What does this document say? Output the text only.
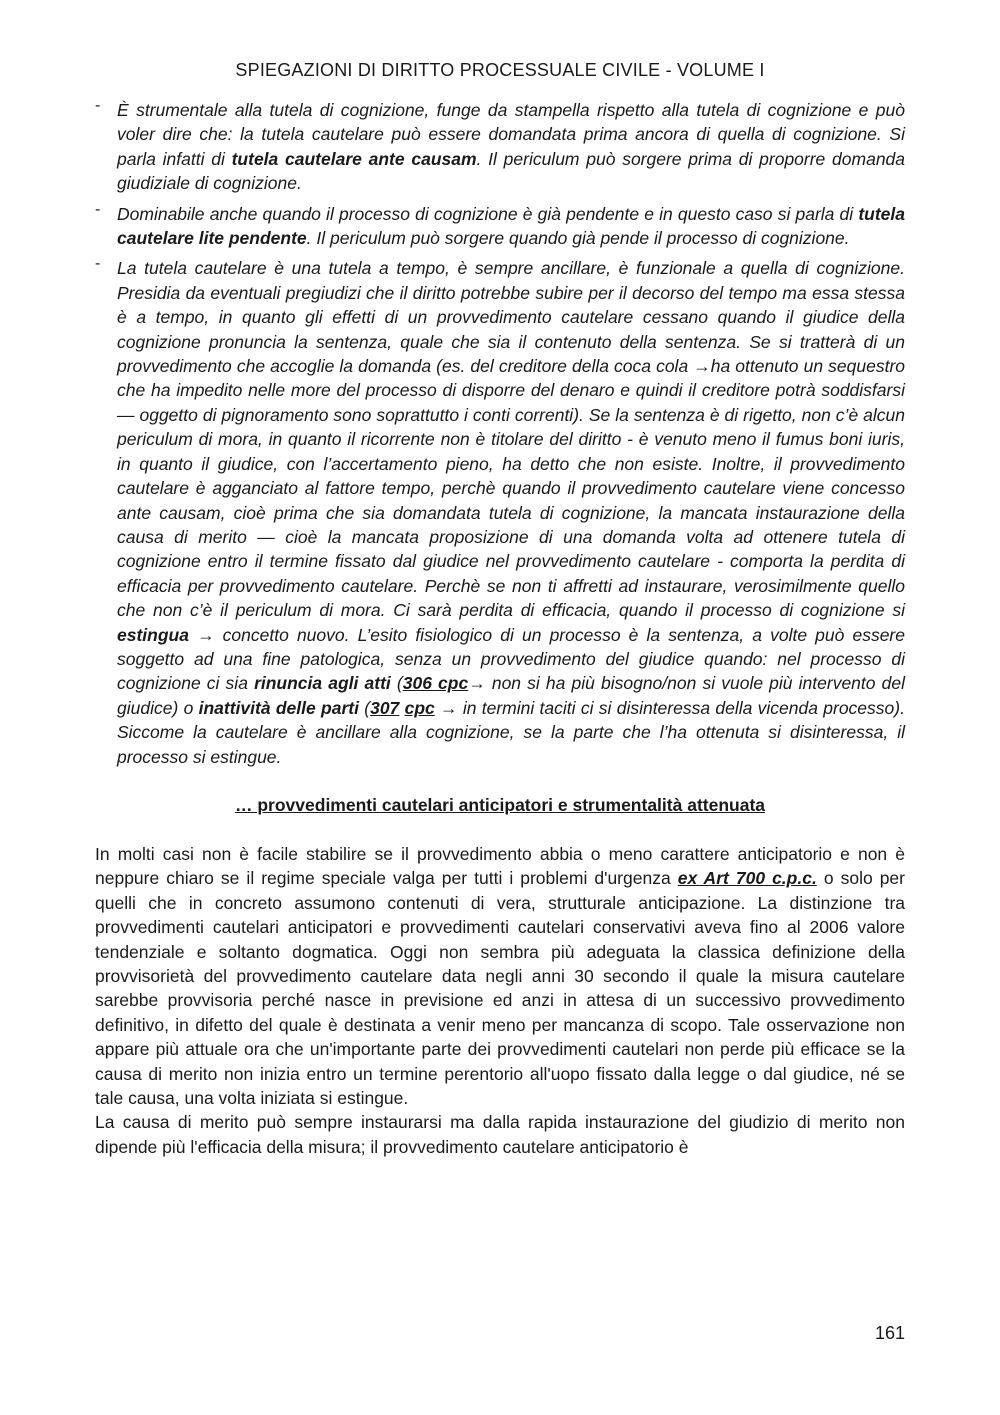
SPIEGAZIONI DI DIRITTO PROCESSUALE CIVILE - VOLUME I
- È strumentale alla tutela di cognizione, funge da stampella rispetto alla tutela di cognizione e può voler dire che: la tutela cautelare può essere domandata prima ancora di quella di cognizione. Si parla infatti di tutela cautelare ante causam. Il periculum può sorgere prima di proporre domanda giudiziale di cognizione.
- Dominabile anche quando il processo di cognizione è già pendente e in questo caso si parla di tutela cautelare lite pendente. Il periculum può sorgere quando già pende il processo di cognizione.
- La tutela cautelare è una tutela a tempo, è sempre ancillare, è funzionale a quella di cognizione. Presidia da eventuali pregiudizi che il diritto potrebbe subire per il decorso del tempo ma essa stessa è a tempo, in quanto gli effetti di un provvedimento cautelare cessano quando il giudice della cognizione pronuncia la sentenza, quale che sia il contenuto della sentenza. Se si tratterà di un provvedimento che accoglie la domanda (es. del creditore della coca cola →ha ottenuto un sequestro che ha impedito nelle more del processo di disporre del denaro e quindi il creditore potrà soddisfarsi — oggetto di pignoramento sono soprattutto i conti correnti). Se la sentenza è di rigetto, non c’è alcun periculum di mora, in quanto il ricorrente non è titolare del diritto - è venuto meno il fumus boni iuris, in quanto il giudice, con l’accertamento pieno, ha detto che non esiste. Inoltre, il provvedimento cautelare è agganciato al fattore tempo, perchè quando il provvedimento cautelare viene concesso ante causam, cioè prima che sia domandata tutela di cognizione, la mancata instaurazione della causa di merito — cioè la mancata proposizione di una domanda volta ad ottenere tutela di cognizione entro il termine fissato dal giudice nel provvedimento cautelare - comporta la perdita di efficacia per provvedimento cautelare. Perchè se non ti affretti ad instaurare, verosimilmente quello che non c’è il periculum di mora. Ci sarà perdita di efficacia, quando il processo di cognizione si estingua → concetto nuovo. L’esito fisiologico di un processo è la sentenza, a volte può essere soggetto ad una fine patologica, senza un provvedimento del giudice quando: nel processo di cognizione ci sia rinuncia agli atti (306 cpc→ non si ha più bisogno/non si vuole più intervento del giudice) o inattività delle parti (307 cpc → in termini taciti ci si disinteressa della vicenda processo). Siccome la cautelare è ancillare alla cognizione, se la parte che l’ha ottenuta si disinteressa, il processo si estingue.
… provvedimenti cautelari anticipatori e strumentalità attenuata

In molti casi non è facile stabilire se il provvedimento abbia o meno carattere anticipatorio e non è neppure chiaro se il regime speciale valga per tutti i problemi d'urgenza ex Art 700 c.p.c. o solo per quelli che in concreto assumono contenuti di vera, strutturale anticipazione. La distinzione tra provvedimenti cautelari anticipatori e provvedimenti cautelari conservativi aveva fino al 2006 valore tendenziale e soltanto dogmatica. Oggi non sembra più adeguata la classica definizione della provvisorietà del provvedimento cautelare data negli anni 30 secondo il quale la misura cautelare sarebbe provvisoria perché nasce in previsione ed anzi in attesa di un successivo provvedimento definitivo, in difetto del quale è destinata a venir meno per mancanza di scopo. Tale osservazione non appare più attuale ora che un'importante parte dei provvedimenti cautelari non perde più efficace se la causa di merito non inizia entro un termine perentorio all'uopo fissato dalla legge o dal giudice, né se tale causa, una volta iniziata si estingue.

La causa di merito può sempre instaurarsi ma dalla rapida instaurazione del giudizio di merito non dipende più l'efficacia della misura; il provvedimento cautelare anticipatorio è

161
